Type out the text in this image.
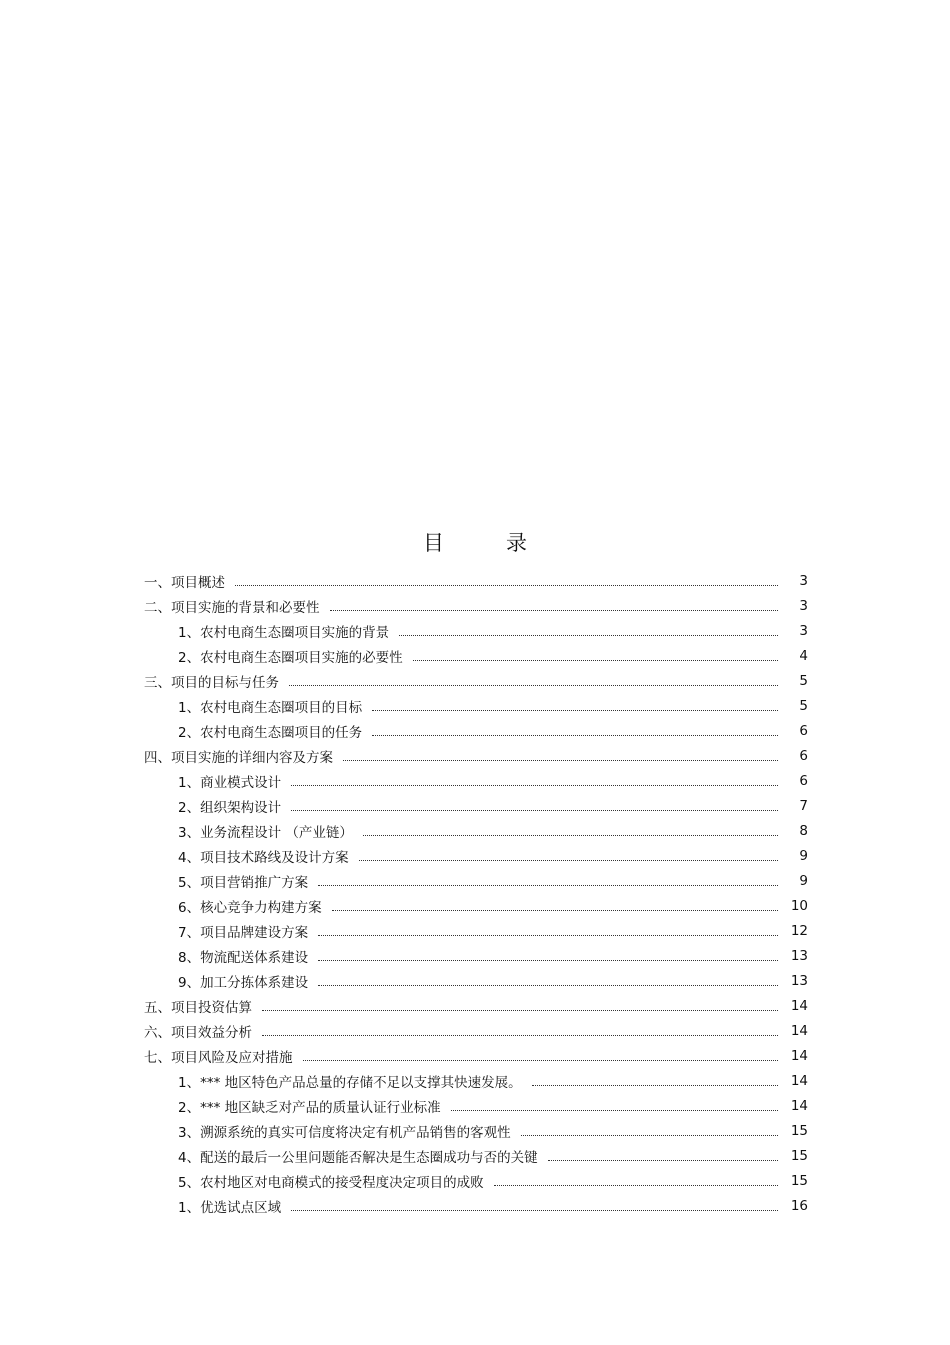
目	录
一、项目概述	3
二、项目实施的背景和必要性	3
1、农村电商生态圈项目实施的背景	3
2、农村电商生态圈项目实施的必要性	4
三、项目的目标与任务	5
1、农村电商生态圈项目的目标	5
2、农村电商生态圈项目的任务	6
四、项目实施的详细内容及方案	6
1、商业模式设计	6
2、组织架构设计	7
3、业务流程设计 （产业链）	8
4、项目技术路线及设计方案	9
5、项目营销推广方案	9
6、核心竞争力构建方案	10
7、项目品牌建设方案	12
8、物流配送体系建设	13
9、加工分拣体系建设	13
五、项目投资估算	14
六、项目效益分析	14
七、项目风险及应对措施	14
1、*** 地区特色产品总量的存储不足以支撑其快速发展。	14
2、*** 地区缺乏对产品的质量认证行业标准	14
3、溯源系统的真实可信度将决定有机产品销售的客观性	15
4、配送的最后一公里问题能否解决是生态圈成功与否的关键	15
5、农村地区对电商模式的接受程度决定项目的成败	15
1、优选试点区域	16
